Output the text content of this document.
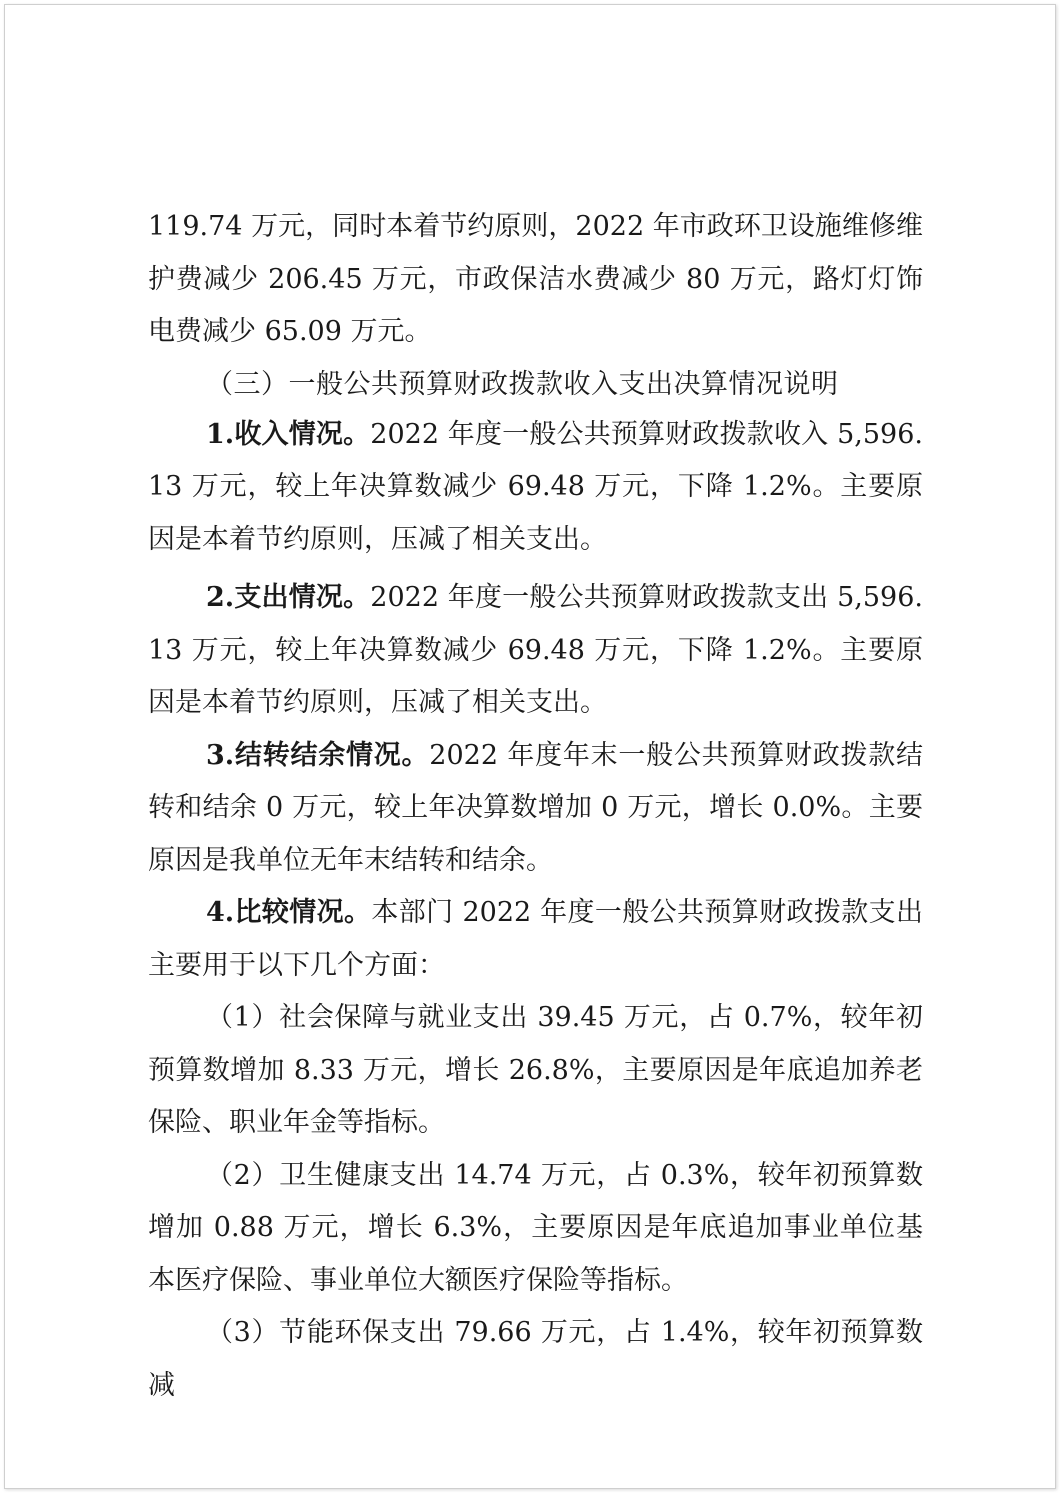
119.74 万元，同时本着节约原则，2022 年市政环卫设施维修维护费减少 206.45 万元，市政保洁水费减少 80 万元，路灯灯饰电费减少 65.09 万元。

（三）一般公共预算财政拨款收入支出决算情况说明

1.收入情况。2022 年度一般公共预算财政拨款收入 5,596.13 万元，较上年决算数减少 69.48 万元，下降 1.2%。主要原因是本着节约原则，压减了相关支出。

2.支出情况。2022 年度一般公共预算财政拨款支出 5,596.13 万元，较上年决算数减少 69.48 万元，下降 1.2%。主要原因是本着节约原则，压减了相关支出。

3.结转结余情况。2022 年度年末一般公共预算财政拨款结转和结余 0 万元，较上年决算数增加 0 万元，增长 0.0%。主要原因是我单位无年末结转和结余。

4.比较情况。本部门 2022 年度一般公共预算财政拨款支出主要用于以下几个方面：

（1）社会保障与就业支出 39.45 万元，占 0.7%，较年初预算数增加 8.33 万元，增长 26.8%，主要原因是年底追加养老保险、职业年金等指标。

（2）卫生健康支出 14.74 万元，占 0.3%，较年初预算数增加 0.88 万元，增长 6.3%，主要原因是年底追加事业单位基本医疗保险、事业单位大额医疗保险等指标。

（3）节能环保支出 79.66 万元，占 1.4%，较年初预算数减
